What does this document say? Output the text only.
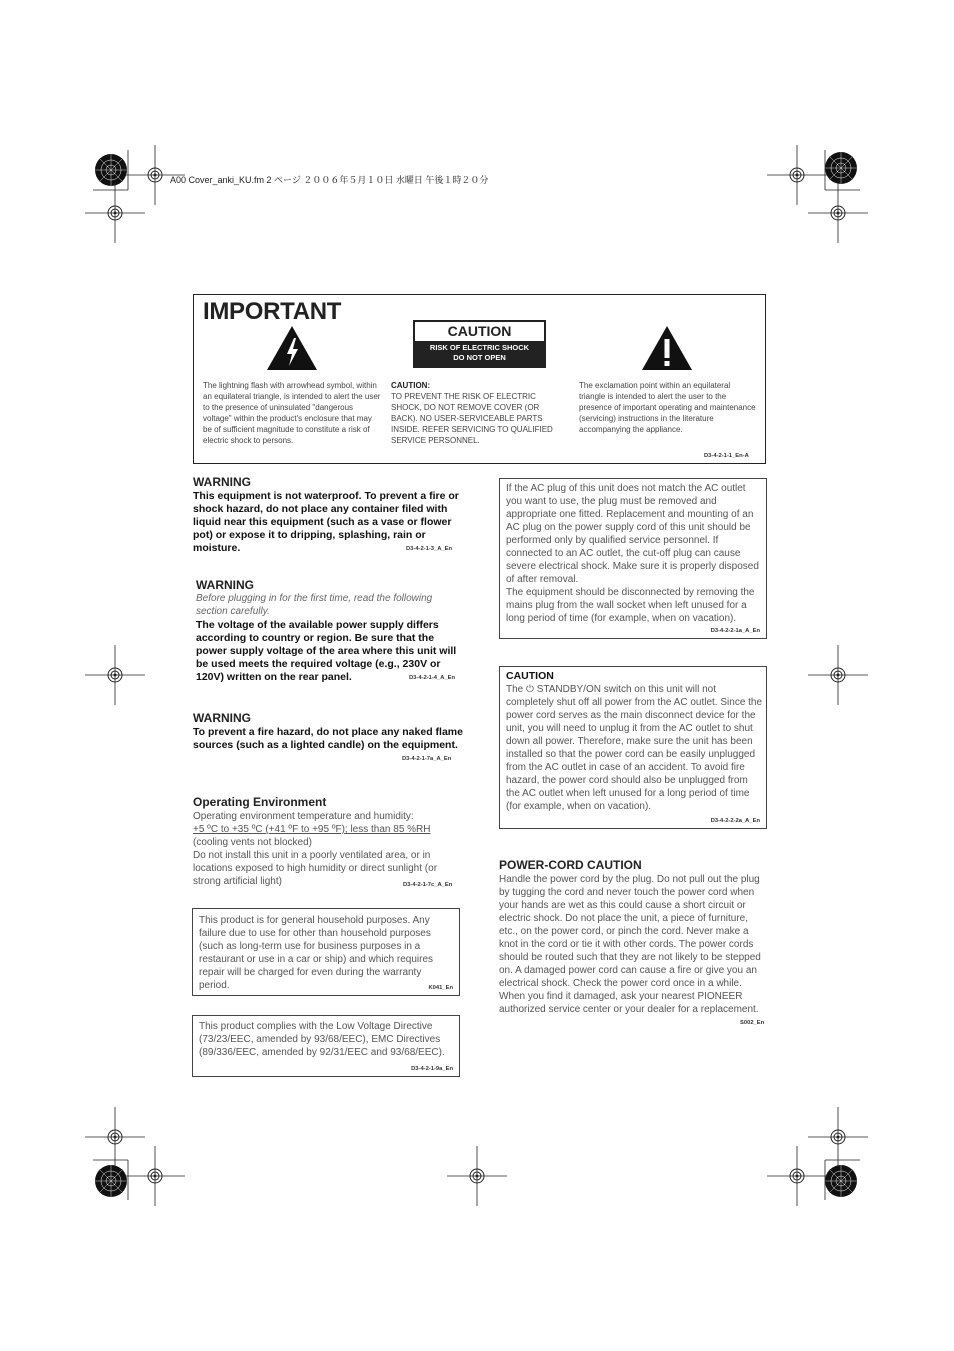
A00 Cover_anki_KU.fm 2 ページ ２００６年５月１０日 水曜日 午後１時２０分
IMPORTANT
CAUTION
RISK OF ELECTRIC SHOCK
DO NOT OPEN
The lightning flash with arrowhead symbol, within an equilateral triangle, is intended to alert the user to the presence of uninsulated "dangerous voltage" within the product's enclosure that may be of sufficient magnitude to constitute a risk of electric shock to persons.
CAUTION:
TO PREVENT THE RISK OF ELECTRIC SHOCK, DO NOT REMOVE COVER (OR BACK). NO USER-SERVICEABLE PARTS INSIDE. REFER SERVICING TO QUALIFIED SERVICE PERSONNEL.
The exclamation point within an equilateral triangle is intended to alert the user to the presence of important operating and maintenance (servicing) instructions in the literature accompanying the appliance.
D3-4-2-1-1_En-A
WARNING
This equipment is not waterproof. To prevent a fire or shock hazard, do not place any container filed with liquid near this equipment (such as a vase or flower pot) or expose it to dripping, splashing, rain or moisture.	D3-4-2-1-3_A_En
WARNING
Before plugging in for the first time, read the following section carefully.
The voltage of the available power supply differs according to country or region. Be sure that the power supply voltage of the area where this unit will be used meets the required voltage (e.g., 230V or 120V) written on the rear panel.	D3-4-2-1-4_A_En
WARNING
To prevent a fire hazard, do not place any naked flame sources (such as a lighted candle) on the equipment.
D3-4-2-1-7a_A_En
Operating Environment
Operating environment temperature and humidity:
+5 ºC to +35 ºC (+41 ºF to +95 ºF); less than 85 %RH
(cooling vents not blocked)
Do not install this unit in a poorly ventilated area, or in locations exposed to high humidity or direct sunlight (or strong artificial light)	D3-4-2-1-7c_A_En
This product is for general household purposes. Any failure due to use for other than household purposes (such as long-term use for business purposes in a restaurant or use in a car or ship) and which requires repair will be charged for even during the warranty period.	K041_En
This product complies with the Low Voltage Directive (73/23/EEC, amended by 93/68/EEC), EMC Directives (89/336/EEC, amended by 92/31/EEC and 93/68/EEC).
D3-4-2-1-9a_En
If the AC plug of this unit does not match the AC outlet you want to use, the plug must be removed and appropriate one fitted. Replacement and mounting of an AC plug on the power supply cord of this unit should be performed only by qualified service personnel. If connected to an AC outlet, the cut-off plug can cause severe electrical shock. Make sure it is properly disposed of after removal.
The equipment should be disconnected by removing the mains plug from the wall socket when left unused for a long period of time (for example, when on vacation).
D3-4-2-2-1a_A_En
CAUTION
The ⏻ STANDBY/ON switch on this unit will not completely shut off all power from the AC outlet. Since the power cord serves as the main disconnect device for the unit, you will need to unplug it from the AC outlet to shut down all power. Therefore, make sure the unit has been installed so that the power cord can be easily unplugged from the AC outlet in case of an accident. To avoid fire hazard, the power cord should also be unplugged from the AC outlet when left unused for a long period of time (for example, when on vacation).
D3-4-2-2-2a_A_En
POWER-CORD CAUTION
Handle the power cord by the plug. Do not pull out the plug by tugging the cord and never touch the power cord when your hands are wet as this could cause a short circuit or electric shock. Do not place the unit, a piece of furniture, etc., on the power cord, or pinch the cord. Never make a knot in the cord or tie it with other cords. The power cords should be routed such that they are not likely to be stepped on. A damaged power cord can cause a fire or give you an electrical shock. Check the power cord once in a while. When you find it damaged, ask your nearest PIONEER authorized service center or your dealer for a replacement.
S002_En
